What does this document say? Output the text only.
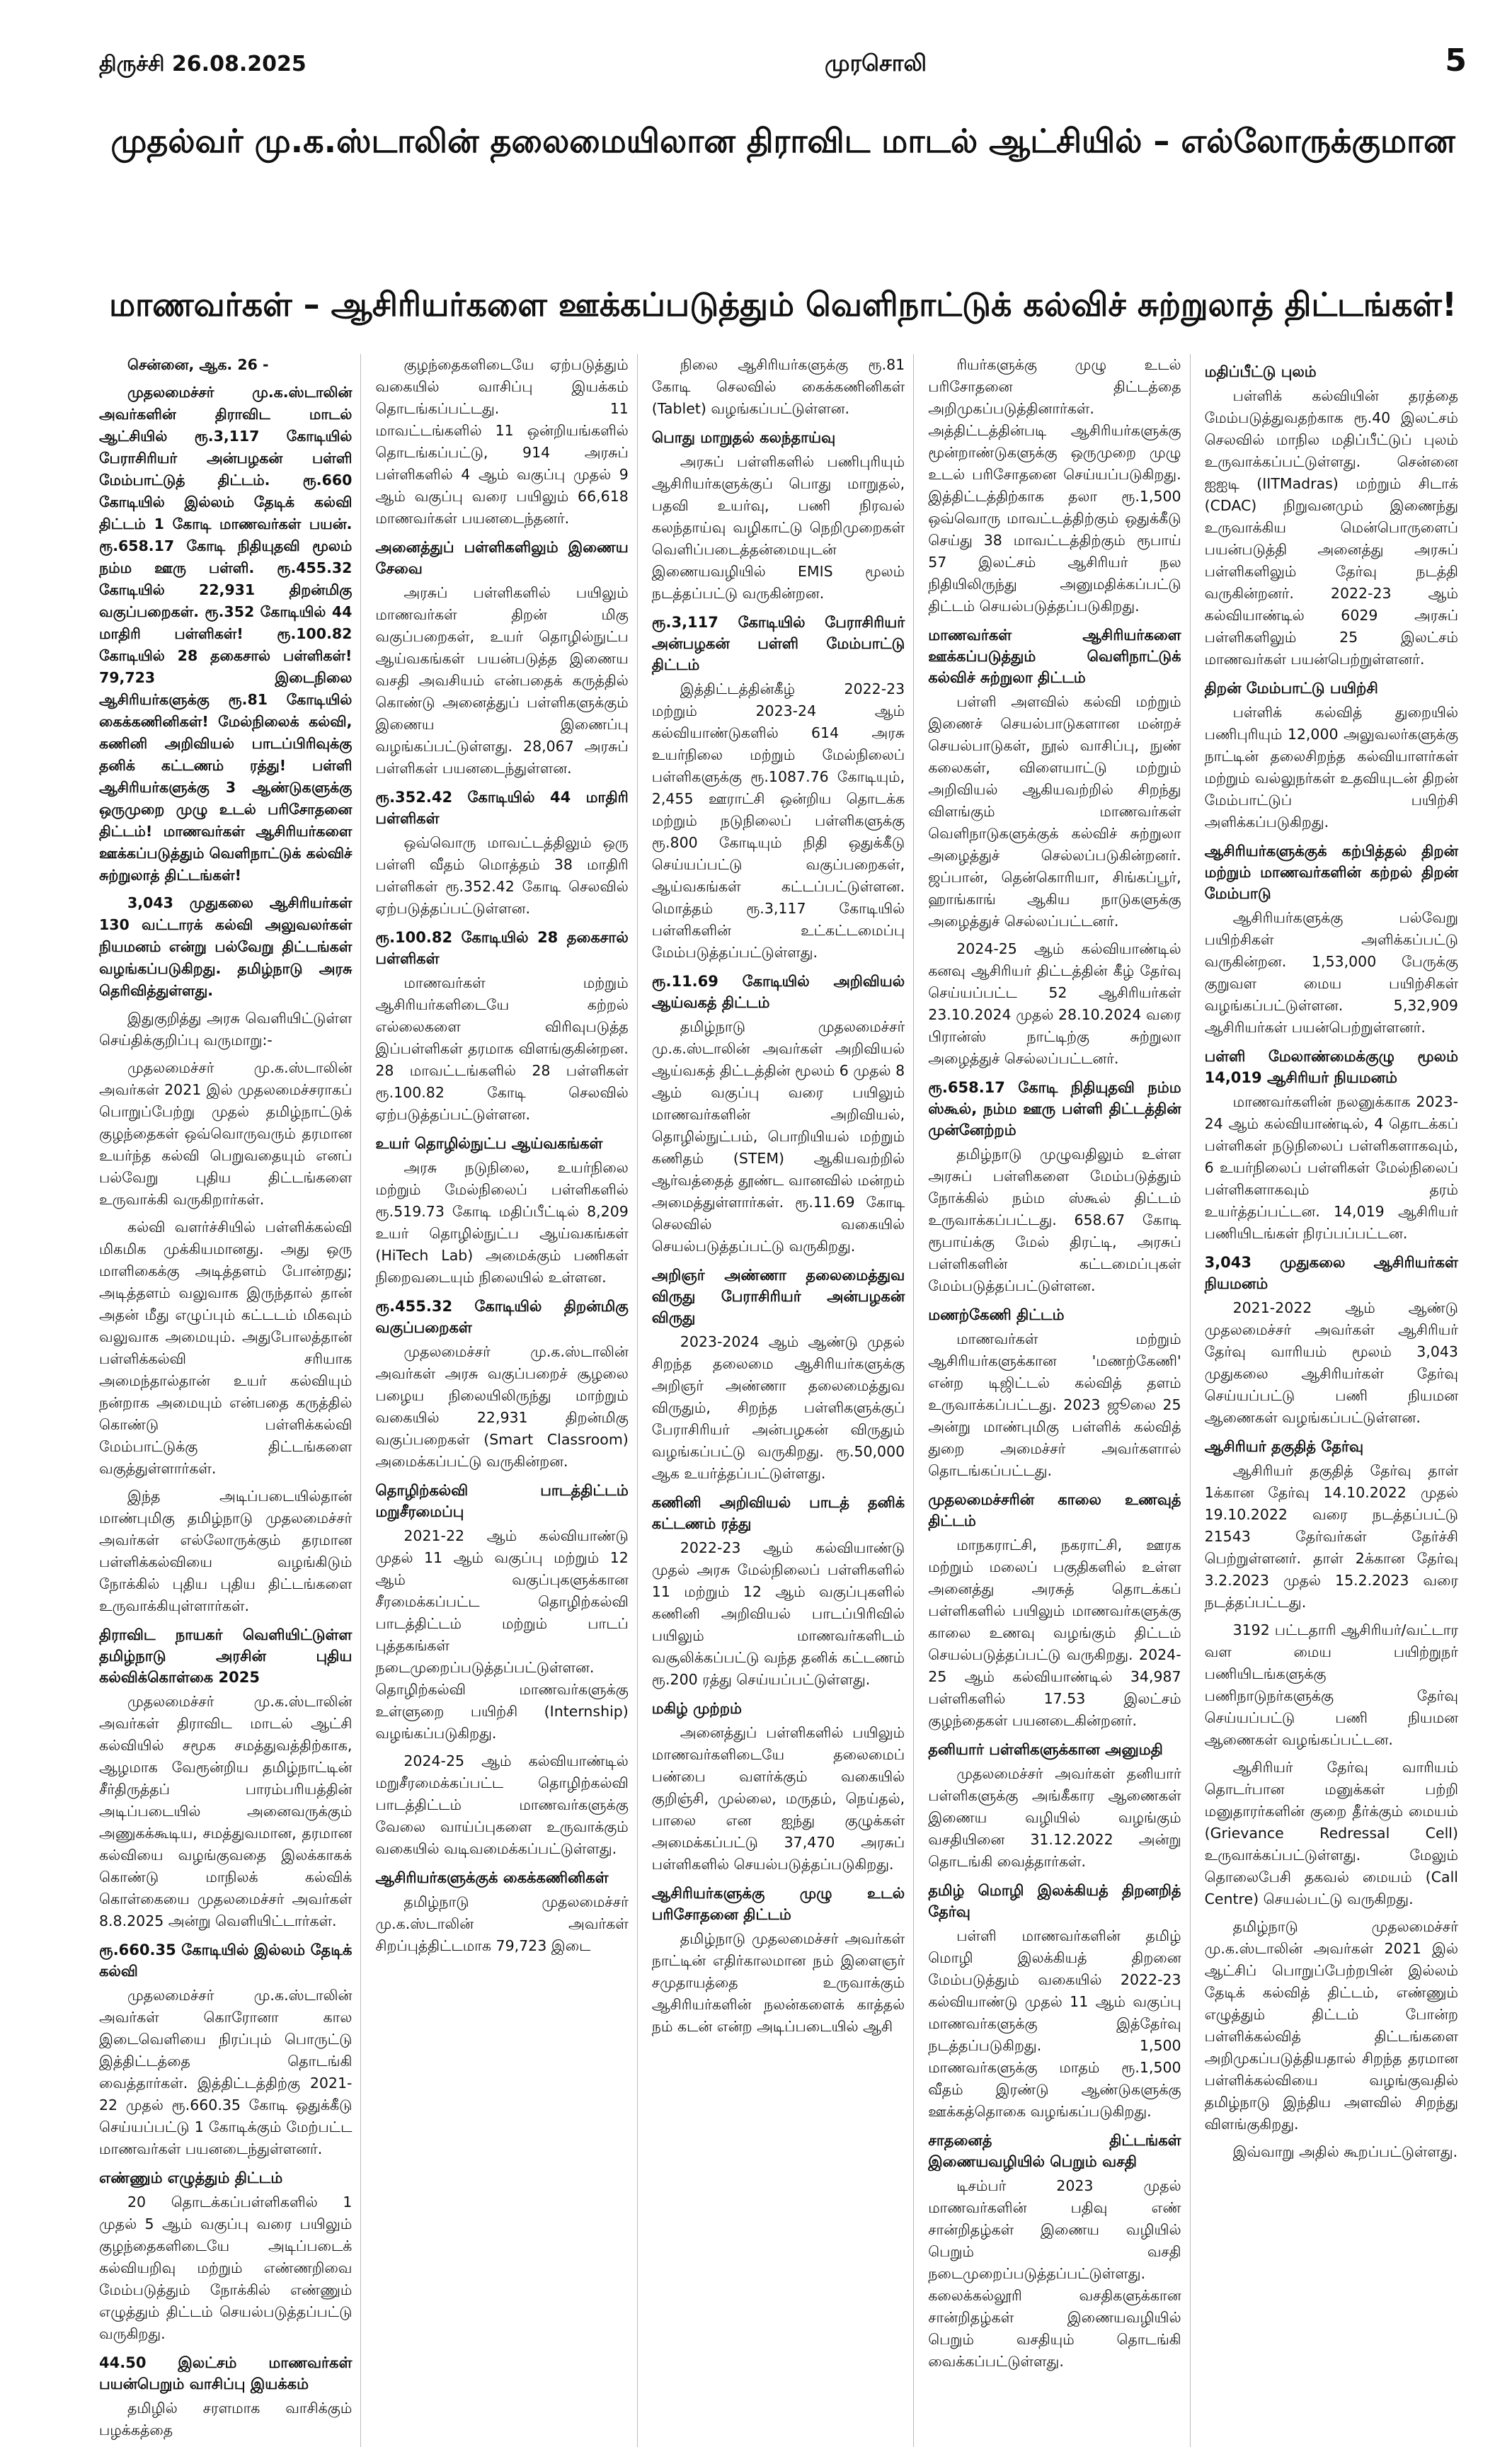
திருச்சி 26.08.2025	முரசொலி	5
முதல்வர் மு.க.ஸ்டாலின் தலைமையிலான திராவிட மாடல் ஆட்சியில் – எல்லோருக்குமான
மாணவர்கள் – ஆசிரியர்களை ஊக்கப்படுத்தும் வெளிநாட்டுக் கல்விச் சுற்றுலாத் திட்டங்கள்!

சென்னை, ஆக. 26 -

முதலமைச்சர் மு.க.ஸ்டாலின் அவர்களின் திராவிட மாடல் ஆட்சியில் ரூ.3,117 கோடியில் பேராசிரியர் அன்பழகன் பள்ளி மேம்பாட்டுத் திட்டம். ரூ.660 கோடியில் இல்லம் தேடிக் கல்வி திட்டம் 1 கோடி மாணவர்கள் பயன். ரூ.658.17 கோடி நிதியுதவி மூலம் நம்ம ஊரு பள்ளி. ரூ.455.32 கோடியில் 22,931 திறன்மிகு வகுப்பறைகள். ரூ.352 கோடியில் 44 மாதிரி பள்ளிகள்! ரூ.100.82 கோடியில் 28 தகைசால் பள்ளிகள்! 79,723 இடைநிலை ஆசிரியர்களுக்கு ரூ.81 கோடியில் கைக்கணினிகள்! மேல்நிலைக் கல்வி, கணினி அறிவியல் பாடப்பிரிவுக்கு தனிக் கட்டணம் ரத்து! பள்ளி ஆசிரியர்களுக்கு 3 ஆண்டுகளுக்கு ஒருமுறை முழு உடல் பரிசோதனை திட்டம்! மாணவர்கள் ஆசிரியர்களை ஊக்கப்படுத்தும் வெளிநாட்டுக் கல்விச் சுற்றுலாத் திட்டங்கள்!

3,043 முதுகலை ஆசிரியர்கள் 130 வட்டாரக் கல்வி அலுவலர்கள் நியமனம் என்று பல்வேறு திட்டங்கள் வழங்கப்படுகிறது. தமிழ்நாடு அரசு தெரிவித்துள்ளது.

இதுகுறித்து அரசு வெளியிட்டுள்ள செய்திக்குறிப்பு வருமாறு:-

முதலமைச்சர் மு.க.ஸ்டாலின் அவர்கள் 2021 இல் முதலமைச்சராகப் பொறுப்பேற்று முதல் தமிழ்நாட்டுக் குழந்தைகள் ஒவ்வொருவரும் தரமான உயர்ந்த கல்வி பெறுவதையும் எனப் பல்வேறு புதிய திட்டங்களை உருவாக்கி வருகிறார்கள்.

கல்வி வளர்ச்சியில் பள்ளிக்கல்வி மிகமிக முக்கியமானது. அது ஒரு மாளிகைக்கு அடித்தளம் போன்றது; அடித்தளம் வலுவாக இருந்தால் தான் அதன் மீது எழுப்பும் கட்டடம் மிகவும் வலுவாக அமையும். அதுபோலத்தான் பள்ளிக்கல்வி சரியாக அமைந்தால்தான் உயர் கல்வியும் நன்றாக அமையும் என்பதை கருத்தில் கொண்டு பள்ளிக்கல்வி மேம்பாட்டுக்கு திட்டங்களை வகுத்துள்ளார்கள்.

இந்த அடிப்படையில்தான் மாண்புமிகு தமிழ்நாடு முதலமைச்சர் அவர்கள் எல்லோருக்கும் தரமான பள்ளிக்கல்வியை வழங்கிடும் நோக்கில் புதிய புதிய திட்டங்களை உருவாக்கியுள்ளார்கள்.

திராவிட நாயகர் வெளியிட்டுள்ள தமிழ்நாடு அரசின் புதிய கல்விக்கொள்கை 2025

முதலமைச்சர் மு.க.ஸ்டாலின் அவர்கள் திராவிட மாடல் ஆட்சி கல்வியில் சமூக சமத்துவத்திற்காக, ஆழமாக வேரூன்றிய தமிழ்நாட்டின் சீர்திருத்தப் பாரம்பரியத்தின் அடிப்படையில் அனைவருக்கும் அணுகக்கூடிய, சமத்துவமான, தரமான கல்வியை வழங்குவதை இலக்காகக் கொண்டு மாநிலக் கல்விக் கொள்கையை முதலமைச்சர் அவர்கள் 8.8.2025 அன்று வெளியிட்டார்கள்.

ரூ.660.35 கோடியில் இல்லம் தேடிக் கல்வி

முதலமைச்சர் மு.க.ஸ்டாலின் அவர்கள் கொரோனா கால இடைவெளியை நிரப்பும் பொருட்டு இத்திட்டத்தை தொடங்கி வைத்தார்கள். இத்திட்டத்திற்கு 2021-22 முதல் ரூ.660.35 கோடி ஒதுக்கீடு செய்யப்பட்டு 1 கோடிக்கும் மேற்பட்ட மாணவர்கள் பயனடைந்துள்ளனர்.

எண்ணும் எழுத்தும் திட்டம்

20 தொடக்கப்பள்ளிகளில் 1 முதல் 5 ஆம் வகுப்பு வரை பயிலும் குழந்தைகளிடையே அடிப்படைக் கல்வியறிவு மற்றும் எண்ணறிவை மேம்படுத்தும் நோக்கில் எண்ணும் எழுத்தும் திட்டம் செயல்படுத்தப்பட்டு வருகிறது.

44.50 இலட்சம் மாணவர்கள் பயன்பெறும் வாசிப்பு இயக்கம்

தமிழில் சரளமாக வாசிக்கும் பழக்கத்தை

குழந்தைகளிடையே ஏற்படுத்தும் வகையில் வாசிப்பு இயக்கம் தொடங்கப்பட்டது. 11 மாவட்டங்களில் 11 ஒன்றியங்களில் தொடங்கப்பட்டு, 914 அரசுப் பள்ளிகளில் 4 ஆம் வகுப்பு முதல் 9 ஆம் வகுப்பு வரை பயிலும் 66,618 மாணவர்கள் பயனடைந்தனர்.

அனைத்துப் பள்ளிகளிலும் இணைய சேவை

அரசுப் பள்ளிகளில் பயிலும் மாணவர்கள் திறன் மிகு வகுப்பறைகள், உயர் தொழில்நுட்ப ஆய்வகங்கள் பயன்படுத்த இணைய வசதி அவசியம் என்பதைக் கருத்தில் கொண்டு அனைத்துப் பள்ளிகளுக்கும் இணைய இணைப்பு வழங்கப்பட்டுள்ளது. 28,067 அரசுப் பள்ளிகள் பயனடைந்துள்ளன.

ரூ.352.42 கோடியில் 44 மாதிரி பள்ளிகள்

ஒவ்வொரு மாவட்டத்திலும் ஒரு பள்ளி வீதம் மொத்தம் 38 மாதிரி பள்ளிகள் ரூ.352.42 கோடி செலவில் ஏற்படுத்தப்பட்டுள்ளன.

ரூ.100.82 கோடியில் 28 தகைசால் பள்ளிகள்

மாணவர்கள் மற்றும் ஆசிரியர்களிடையே கற்றல் எல்லைகளை விரிவுபடுத்த இப்பள்ளிகள் தரமாக விளங்குகின்றன. 28 மாவட்டங்களில் 28 பள்ளிகள் ரூ.100.82 கோடி செலவில் ஏற்படுத்தப்பட்டுள்ளன.

உயர் தொழில்நுட்ப ஆய்வகங்கள்

அரசு நடுநிலை, உயர்நிலை மற்றும் மேல்நிலைப் பள்ளிகளில் ரூ.519.73 கோடி மதிப்பீட்டில் 8,209 உயர் தொழில்நுட்ப ஆய்வகங்கள் (HiTech Lab) அமைக்கும் பணிகள் நிறைவடையும் நிலையில் உள்ளன.

ரூ.455.32 கோடியில் திறன்மிகு வகுப்பறைகள்

முதலமைச்சர் மு.க.ஸ்டாலின் அவர்கள் அரசு வகுப்பறைச் சூழலை பழைய நிலையிலிருந்து மாற்றும் வகையில் 22,931 திறன்மிகு வகுப்பறைகள் (Smart Classroom) அமைக்கப்பட்டு வருகின்றன.

தொழிற்கல்வி பாடத்திட்டம் மறுசீரமைப்பு

2021-22 ஆம் கல்வியாண்டு முதல் 11 ஆம் வகுப்பு மற்றும் 12 ஆம் வகுப்புகளுக்கான சீரமைக்கப்பட்ட தொழிற்கல்வி பாடத்திட்டம் மற்றும் பாடப் புத்தகங்கள் நடைமுறைப்படுத்தப்பட்டுள்ளன. தொழிற்கல்வி மாணவர்களுக்கு உள்ளுறை பயிற்சி (Internship) வழங்கப்படுகிறது.

2024-25 ஆம் கல்வியாண்டில் மறுசீரமைக்கப்பட்ட தொழிற்கல்வி பாடத்திட்டம் மாணவர்களுக்கு வேலை வாய்ப்புகளை உருவாக்கும் வகையில் வடிவமைக்கப்பட்டுள்ளது.

ஆசிரியர்களுக்குக் கைக்கணினிகள்

தமிழ்நாடு முதலமைச்சர் மு.க.ஸ்டாலின் அவர்கள் சிறப்புத்திட்டமாக 79,723 இடை

நிலை ஆசிரியர்களுக்கு ரூ.81 கோடி செலவில் கைக்கணினிகள் (Tablet) வழங்கப்பட்டுள்ளன.

பொது மாறுதல் கலந்தாய்வு

அரசுப் பள்ளிகளில் பணிபுரியும் ஆசிரியர்களுக்குப் பொது மாறுதல், பதவி உயர்வு, பணி நிரவல் கலந்தாய்வு வழிகாட்டு நெறிமுறைகள் வெளிப்படைத்தன்மையுடன் இணையவழியில் EMIS மூலம் நடத்தப்பட்டு வருகின்றன.

ரூ.3,117 கோடியில் பேராசிரியர் அன்பழகன் பள்ளி மேம்பாட்டு திட்டம்

இத்திட்டத்தின்கீழ் 2022-23 மற்றும் 2023-24 ஆம் கல்வியாண்டுகளில் 614 அரசு உயர்நிலை மற்றும் மேல்நிலைப் பள்ளிகளுக்கு ரூ.1087.76 கோடியும், 2,455 ஊராட்சி ஒன்றிய தொடக்க மற்றும் நடுநிலைப் பள்ளிகளுக்கு ரூ.800 கோடியும் நிதி ஒதுக்கீடு செய்யப்பட்டு வகுப்பறைகள், ஆய்வகங்கள் கட்டப்பட்டுள்ளன. மொத்தம் ரூ.3,117 கோடியில் பள்ளிகளின் உட்கட்டமைப்பு மேம்படுத்தப்பட்டுள்ளது.

ரூ.11.69 கோடியில் அறிவியல் ஆய்வகத் திட்டம்

தமிழ்நாடு முதலமைச்சர் மு.க.ஸ்டாலின் அவர்கள் அறிவியல் ஆய்வகத் திட்டத்தின் மூலம் 6 முதல் 8 ஆம் வகுப்பு வரை பயிலும் மாணவர்களின் அறிவியல், தொழில்நுட்பம், பொறியியல் மற்றும் கணிதம் (STEM) ஆகியவற்றில் ஆர்வத்தைத் தூண்ட வானவில் மன்றம் அமைத்துள்ளார்கள். ரூ.11.69 கோடி செலவில் வகையில் செயல்படுத்தப்பட்டு வருகிறது.

அறிஞர் அண்ணா தலைமைத்துவ விருது பேராசிரியர் அன்பழகன் விருது

2023-2024 ஆம் ஆண்டு முதல் சிறந்த தலைமை ஆசிரியர்களுக்கு அறிஞர் அண்ணா தலைமைத்துவ விருதும், சிறந்த பள்ளிகளுக்குப் பேராசிரியர் அன்பழகன் விருதும் வழங்கப்பட்டு வருகிறது. ரூ.50,000 ஆக உயர்த்தப்பட்டுள்ளது.

கணினி அறிவியல் பாடத் தனிக் கட்டணம் ரத்து

2022-23 ஆம் கல்வியாண்டு முதல் அரசு மேல்நிலைப் பள்ளிகளில் 11 மற்றும் 12 ஆம் வகுப்புகளில் கணினி அறிவியல் பாடப்பிரிவில் பயிலும் மாணவர்களிடம் வசூலிக்கப்பட்டு வந்த தனிக் கட்டணம் ரூ.200 ரத்து செய்யப்பட்டுள்ளது.

மகிழ் முற்றம்

அனைத்துப் பள்ளிகளில் பயிலும் மாணவர்களிடையே தலைமைப் பண்பை வளர்க்கும் வகையில் குறிஞ்சி, முல்லை, மருதம், நெய்தல், பாலை என ஐந்து குழுக்கள் அமைக்கப்பட்டு 37,470 அரசுப் பள்ளிகளில் செயல்படுத்தப்படுகிறது.

ஆசிரியர்களுக்கு முழு உடல் பரிசோதனை திட்டம்

தமிழ்நாடு முதலமைச்சர் அவர்கள் நாட்டின் எதிர்காலமான நம் இளைஞர் சமுதாயத்தை உருவாக்கும் ஆசிரியர்களின் நலன்களைக் காத்தல் நம் கடன் என்ற அடிப்படையில் ஆசி

ரியர்களுக்கு முழு உடல் பரிசோதனை திட்டத்தை அறிமுகப்படுத்தினார்கள். அத்திட்டத்தின்படி ஆசிரியர்களுக்கு மூன்றாண்டுகளுக்கு ஒருமுறை முழு உடல் பரிசோதனை செய்யப்படுகிறது. இத்திட்டத்திற்காக தலா ரூ.1,500 ஒவ்வொரு மாவட்டத்திற்கும் ஒதுக்கீடு செய்து 38 மாவட்டத்திற்கும் ரூபாய் 57 இலட்சம் ஆசிரியர் நல நிதியிலிருந்து அனுமதிக்கப்பட்டு திட்டம் செயல்படுத்தப்படுகிறது.

மாணவர்கள் ஆசிரியர்களை ஊக்கப்படுத்தும் வெளிநாட்டுக் கல்விச் சுற்றுலா திட்டம்

பள்ளி அளவில் கல்வி மற்றும் இணைச் செயல்பாடுகளான மன்றச் செயல்பாடுகள், நூல் வாசிப்பு, நுண் கலைகள், விளையாட்டு மற்றும் அறிவியல் ஆகியவற்றில் சிறந்து விளங்கும் மாணவர்கள் வெளிநாடுகளுக்குக் கல்விச் சுற்றுலா அழைத்துச் செல்லப்படுகின்றனர். ஜப்பான், தென்கொரியா, சிங்கப்பூர், ஹாங்காங் ஆகிய நாடுகளுக்கு அழைத்துச் செல்லப்பட்டனர்.

2024-25 ஆம் கல்வியாண்டில் கனவு ஆசிரியர் திட்டத்தின் கீழ் தேர்வு செய்யப்பட்ட 52 ஆசிரியர்கள் 23.10.2024 முதல் 28.10.2024 வரை பிரான்ஸ் நாட்டிற்கு சுற்றுலா அழைத்துச் செல்லப்பட்டனர்.

ரூ.658.17 கோடி நிதியுதவி நம்ம ஸ்கூல், நம்ம ஊரு பள்ளி திட்டத்தின் முன்னேற்றம்

தமிழ்நாடு முழுவதிலும் உள்ள அரசுப் பள்ளிகளை மேம்படுத்தும் நோக்கில் நம்ம ஸ்கூல் திட்டம் உருவாக்கப்பட்டது. 658.67 கோடி ரூபாய்க்கு மேல் திரட்டி, அரசுப் பள்ளிகளின் கட்டமைப்புகள் மேம்படுத்தப்பட்டுள்ளன.

மணற்கேணி திட்டம்

மாணவர்கள் மற்றும் ஆசிரியர்களுக்கான 'மணற்கேணி' என்ற டிஜிட்டல் கல்வித் தளம் உருவாக்கப்பட்டது. 2023 ஜூலை 25 அன்று மாண்புமிகு பள்ளிக் கல்வித் துறை அமைச்சர் அவர்களால் தொடங்கப்பட்டது.

முதலமைச்சரின் காலை உணவுத் திட்டம்

மாநகராட்சி, நகராட்சி, ஊரக மற்றும் மலைப் பகுதிகளில் உள்ள அனைத்து அரசுத் தொடக்கப் பள்ளிகளில் பயிலும் மாணவர்களுக்கு காலை உணவு வழங்கும் திட்டம் செயல்படுத்தப்பட்டு வருகிறது. 2024-25 ஆம் கல்வியாண்டில் 34,987 பள்ளிகளில் 17.53 இலட்சம் குழந்தைகள் பயனடைகின்றனர்.

தனியார் பள்ளிகளுக்கான அனுமதி

முதலமைச்சர் அவர்கள் தனியார் பள்ளிகளுக்கு அங்கீகார ஆணைகள் இணைய வழியில் வழங்கும் வசதியினை 31.12.2022 அன்று தொடங்கி வைத்தார்கள்.

தமிழ் மொழி இலக்கியத் திறனறித் தேர்வு

பள்ளி மாணவர்களின் தமிழ் மொழி இலக்கியத் திறனை மேம்படுத்தும் வகையில் 2022-23 கல்வியாண்டு முதல் 11 ஆம் வகுப்பு மாணவர்களுக்கு இத்தேர்வு நடத்தப்படுகிறது. 1,500 மாணவர்களுக்கு மாதம் ரூ.1,500 வீதம் இரண்டு ஆண்டுகளுக்கு ஊக்கத்தொகை வழங்கப்படுகிறது.

சாதனைத் திட்டங்கள் இணையவழியில் பெறும் வசதி

டிசம்பர் 2023 முதல் மாணவர்களின் பதிவு எண் சான்றிதழ்கள் இணைய வழியில் பெறும் வசதி நடைமுறைப்படுத்தப்பட்டுள்ளது. கலைக்கல்லூரி வசதிகளுக்கான சான்றிதழ்கள் இணையவழியில் பெறும் வசதியும் தொடங்கி வைக்கப்பட்டுள்ளது.

மதிப்பீட்டு புலம்

பள்ளிக் கல்வியின் தரத்தை மேம்படுத்துவதற்காக ரூ.40 இலட்சம் செலவில் மாநில மதிப்பீட்டுப் புலம் உருவாக்கப்பட்டுள்ளது. சென்னை ஐஐடி (IITMadras) மற்றும் சிடாக் (CDAC) நிறுவனமும் இணைந்து உருவாக்கிய மென்பொருளைப் பயன்படுத்தி அனைத்து அரசுப் பள்ளிகளிலும் தேர்வு நடத்தி வருகின்றனர். 2022-23 ஆம் கல்வியாண்டில் 6029 அரசுப் பள்ளிகளிலும் 25 இலட்சம் மாணவர்கள் பயன்பெற்றுள்ளனர்.

திறன் மேம்பாட்டு பயிற்சி

பள்ளிக் கல்வித் துறையில் பணிபுரியும் 12,000 அலுவலர்களுக்கு நாட்டின் தலைசிறந்த கல்வியாளர்கள் மற்றும் வல்லுநர்கள் உதவியுடன் திறன் மேம்பாட்டுப் பயிற்சி அளிக்கப்படுகிறது.

ஆசிரியர்களுக்குக் கற்பித்தல் திறன் மற்றும் மாணவர்களின் கற்றல் திறன் மேம்பாடு

ஆசிரியர்களுக்கு பல்வேறு பயிற்சிகள் அளிக்கப்பட்டு வருகின்றன. 1,53,000 பேருக்கு குறுவள மைய பயிற்சிகள் வழங்கப்பட்டுள்ளன. 5,32,909 ஆசிரியர்கள் பயன்பெற்றுள்ளனர்.

பள்ளி மேலாண்மைக்குழு மூலம் 14,019 ஆசிரியர் நியமனம்

மாணவர்களின் நலனுக்காக 2023-24 ஆம் கல்வியாண்டில், 4 தொடக்கப் பள்ளிகள் நடுநிலைப் பள்ளிகளாகவும், 6 உயர்நிலைப் பள்ளிகள் மேல்நிலைப் பள்ளிகளாகவும் தரம் உயர்த்தப்பட்டன. 14,019 ஆசிரியர் பணியிடங்கள் நிரப்பப்பட்டன.

3,043 முதுகலை ஆசிரியர்கள் நியமனம்

2021-2022 ஆம் ஆண்டு முதலமைச்சர் அவர்கள் ஆசிரியர் தேர்வு வாரியம் மூலம் 3,043 முதுகலை ஆசிரியர்கள் தேர்வு செய்யப்பட்டு பணி நியமன ஆணைகள் வழங்கப்பட்டுள்ளன.

ஆசிரியர் தகுதித் தேர்வு

ஆசிரியர் தகுதித் தேர்வு தாள் 1க்கான தேர்வு 14.10.2022 முதல் 19.10.2022 வரை நடத்தப்பட்டு 21543 தேர்வர்கள் தேர்ச்சி பெற்றுள்ளனர். தாள் 2க்கான தேர்வு 3.2.2023 முதல் 15.2.2023 வரை நடத்தப்பட்டது.

3192 பட்டதாரி ஆசிரியர்/வட்டார வள மைய பயிற்றுநர் பணியிடங்களுக்கு பணிநாடுநர்களுக்கு தேர்வு செய்யப்பட்டு பணி நியமன ஆணைகள் வழங்கப்பட்டன.

ஆசிரியர் தேர்வு வாரியம் தொடர்பான மனுக்கள் பற்றி மனுதாரர்களின் குறை தீர்க்கும் மையம் (Grievance Redressal Cell) உருவாக்கப்பட்டுள்ளது. மேலும் தொலைபேசி தகவல் மையம் (Call Centre) செயல்பட்டு வருகிறது.

தமிழ்நாடு முதலமைச்சர் மு.க.ஸ்டாலின் அவர்கள் 2021 இல் ஆட்சிப் பொறுப்பேற்றபின் இல்லம் தேடிக் கல்வித் திட்டம், எண்ணும் எழுத்தும் திட்டம் போன்ற பள்ளிக்கல்வித் திட்டங்களை அறிமுகப்படுத்தியதால் சிறந்த தரமான பள்ளிக்கல்வியை வழங்குவதில் தமிழ்நாடு இந்திய அளவில் சிறந்து விளங்குகிறது.

இவ்வாறு அதில் கூறப்பட்டுள்ளது.
